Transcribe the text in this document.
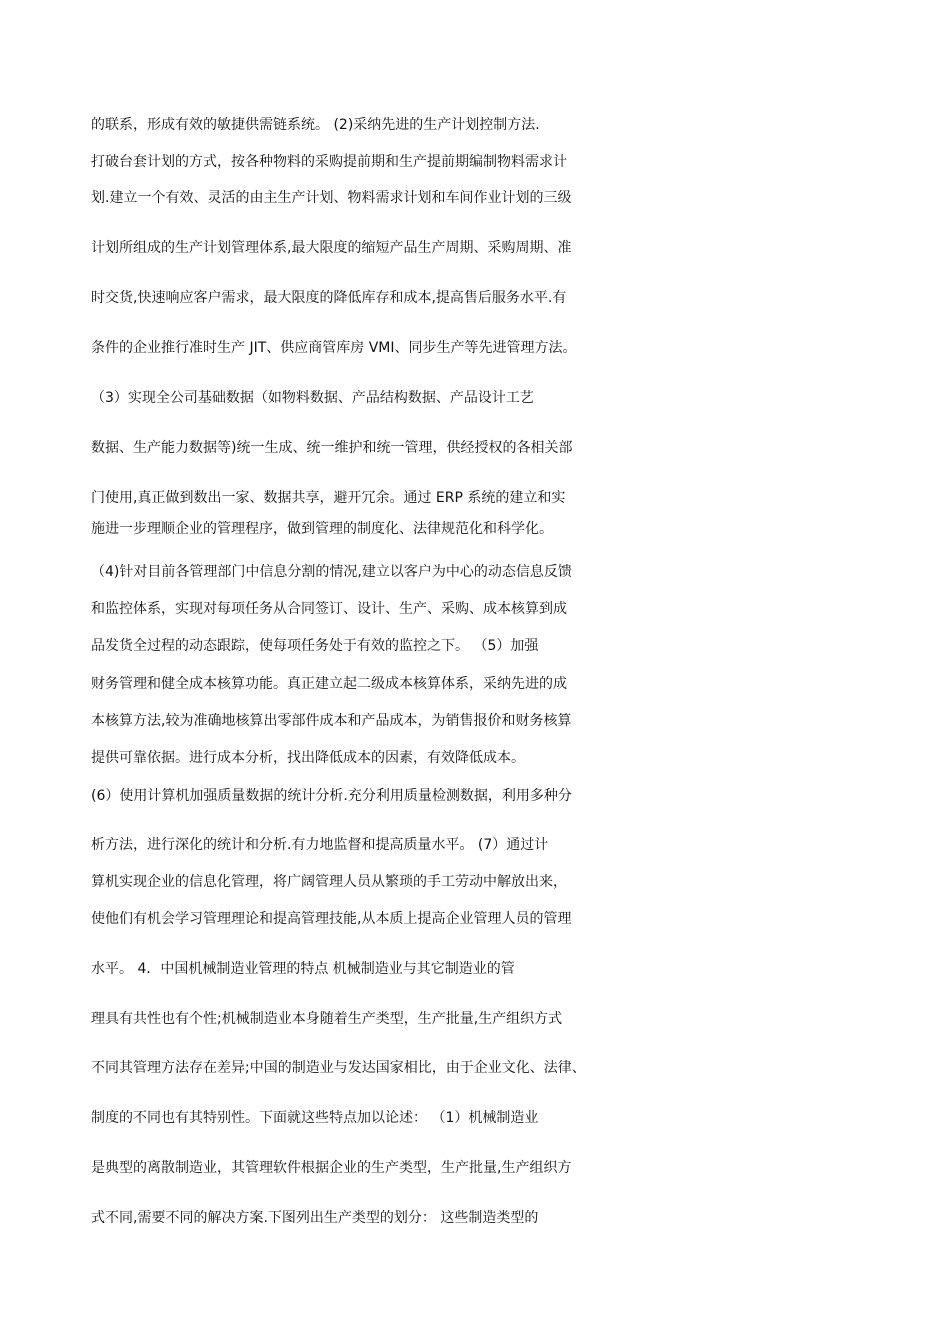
的联系，形成有效的敏捷供需链系统。 (2)采纳先进的生产计划控制方法.
打破台套计划的方式，按各种物料的采购提前期和生产提前期编制物料需求计
划.建立一个有效、灵活的由主生产计划、物料需求计划和车间作业计划的三级
计划所组成的生产计划管理体系,最大限度的缩短产品生产周期、采购周期、准
时交货,快速响应客户需求，最大限度的降低库存和成本,提高售后服务水平.有
条件的企业推行准时生产 JIT、供应商管库房 VMI、同步生产等先进管理方法。
（3）实现全公司基础数据（如物料数据、产品结构数据、产品设计工艺
数据、生产能力数据等)统一生成、统一维护和统一管理，供经授权的各相关部
门使用,真正做到数出一家、数据共享，避开冗余。通过 ERP 系统的建立和实
施进一步理顺企业的管理程序，做到管理的制度化、法律规范化和科学化。
（4)针对目前各管理部门中信息分割的情况,建立以客户为中心的动态信息反馈
和监控体系，实现对每项任务从合同签订、设计、生产、采购、成本核算到成
品发货全过程的动态跟踪，使每项任务处于有效的监控之下。 （5）加强
财务管理和健全成本核算功能。真正建立起二级成本核算体系，采纳先进的成
本核算方法,较为准确地核算出零部件成本和产品成本，为销售报价和财务核算
提供可靠依据。进行成本分析，找出降低成本的因素，有效降低成本。
(6）使用计算机加强质量数据的统计分析.充分利用质量检测数据，利用多种分
析方法，进行深化的统计和分析.有力地监督和提高质量水平。 (7）通过计
算机实现企业的信息化管理，将广阔管理人员从繁琐的手工劳动中解放出来，
使他们有机会学习管理理论和提高管理技能,从本质上提高企业管理人员的管理
水平。 4．中国机械制造业管理的特点 机械制造业与其它制造业的管
理具有共性也有个性;机械制造业本身随着生产类型，生产批量,生产组织方式
不同其管理方法存在差异;中国的制造业与发达国家相比，由于企业文化、法律、
制度的不同也有其特别性。下面就这些特点加以论述： （1）机械制造业
是典型的离散制造业，其管理软件根据企业的生产类型，生产批量,生产组织方
式不同,需要不同的解决方案.下图列出生产类型的划分： 这些制造类型的
